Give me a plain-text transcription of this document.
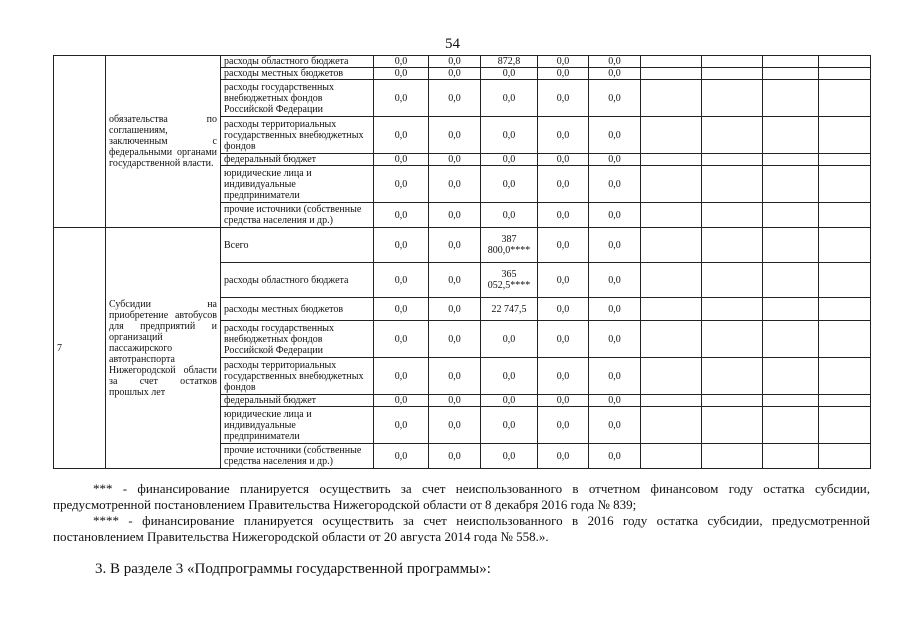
54
	обязательства по соглашениям, заключенным с федеральными органами государственной власти.	расходы областного бюджета	0,0	0,0	872,8	0,0	0,0					
		расходы местных бюджетов	0,0	0,0	0,0	0,0	0,0					
		расходы государственных внебюджетных фондов Российской Федерации	0,0	0,0	0,0	0,0	0,0					
		расходы территориальных государственных внебюджетных фондов	0,0	0,0	0,0	0,0	0,0					
		федеральный бюджет	0,0	0,0	0,0	0,0	0,0					
		юридические лица и индивидуальные предприниматели	0,0	0,0	0,0	0,0	0,0					
		прочие источники (собственные средства населения и др.)	0,0	0,0	0,0	0,0	0,0					
7	Субсидии на приобретение автобусов для предприятий и организаций пассажирского автотранспорта Нижегородской области за счет остатков прошлых лет	Всего	0,0	0,0	387 800,0****	0,0	0,0					
		расходы областного бюджета	0,0	0,0	365 052,5****	0,0	0,0					
		расходы местных бюджетов	0,0	0,0	22 747,5	0,0	0,0					
		расходы государственных внебюджетных фондов Российской Федерации	0,0	0,0	0,0	0,0	0,0					
		расходы территориальных государственных внебюджетных фондов	0,0	0,0	0,0	0,0	0,0					
		федеральный бюджет	0,0	0,0	0,0	0,0	0,0					
		юридические лица и индивидуальные предприниматели	0,0	0,0	0,0	0,0	0,0					
		прочие источники (собственные средства населения и др.)	0,0	0,0	0,0	0,0	0,0					
*** - финансирование планируется осуществить за счет неиспользованного в отчетном финансовом году остатка субсидии, предусмотренной постановлением Правительства Нижегородской области от 8 декабря 2016 года № 839;
**** - финансирование планируется осуществить за счет неиспользованного в 2016 году остатка субсидии, предусмотренной постановлением Правительства Нижегородской области от 20 августа 2014 года № 558.».
3. В разделе 3 «Подпрограммы государственной программы»:
